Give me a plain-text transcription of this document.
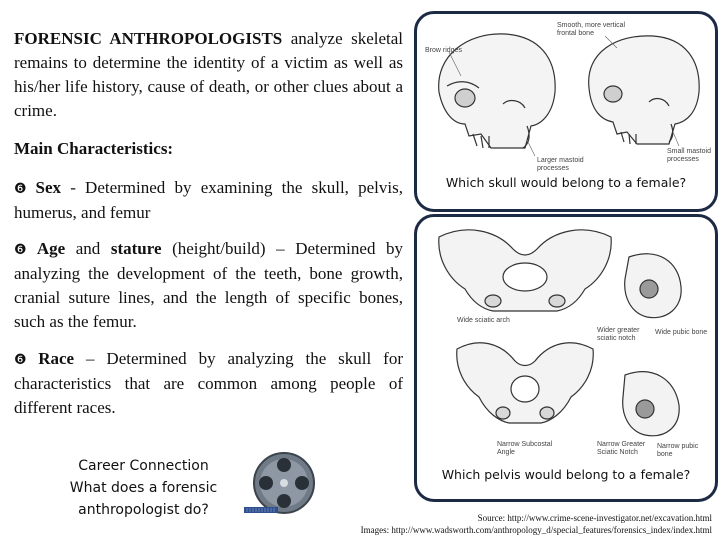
FORENSIC ANTHROPOLOGISTS analyze skeletal remains to determine the identity of a victim as well as his/her life history, cause of death, or other clues about a crime.
Main Characteristics:
❻ Sex - Determined by examining the skull, pelvis, humerus, and femur
❻ Age and stature (height/build) – Determined by analyzing the development of the teeth, bone growth, cranial suture lines, and the length of specific bones, such as the femur.
❻ Race – Determined by analyzing the skull for characteristics that are common among people of different races.
Brow ridges
Smooth, more vertical frontal bone
Larger mastoid processes
Small mastoid processes
Which skull would belong to a female?
Wide sciatic arch
Wider greater sciatic notch
Wide pubic bone
Narrow Subcostal Angle
Narrow Greater Sciatic Notch
Narrow pubic bone
Which pelvis would belong to a female?
Career Connection
What does a forensic
anthropologist do?	Source: http://www.crime-scene-investigator.net/excavation.html
Images: http://www.wadsworth.com/anthropology_d/special_features/forensics_index/index.html
